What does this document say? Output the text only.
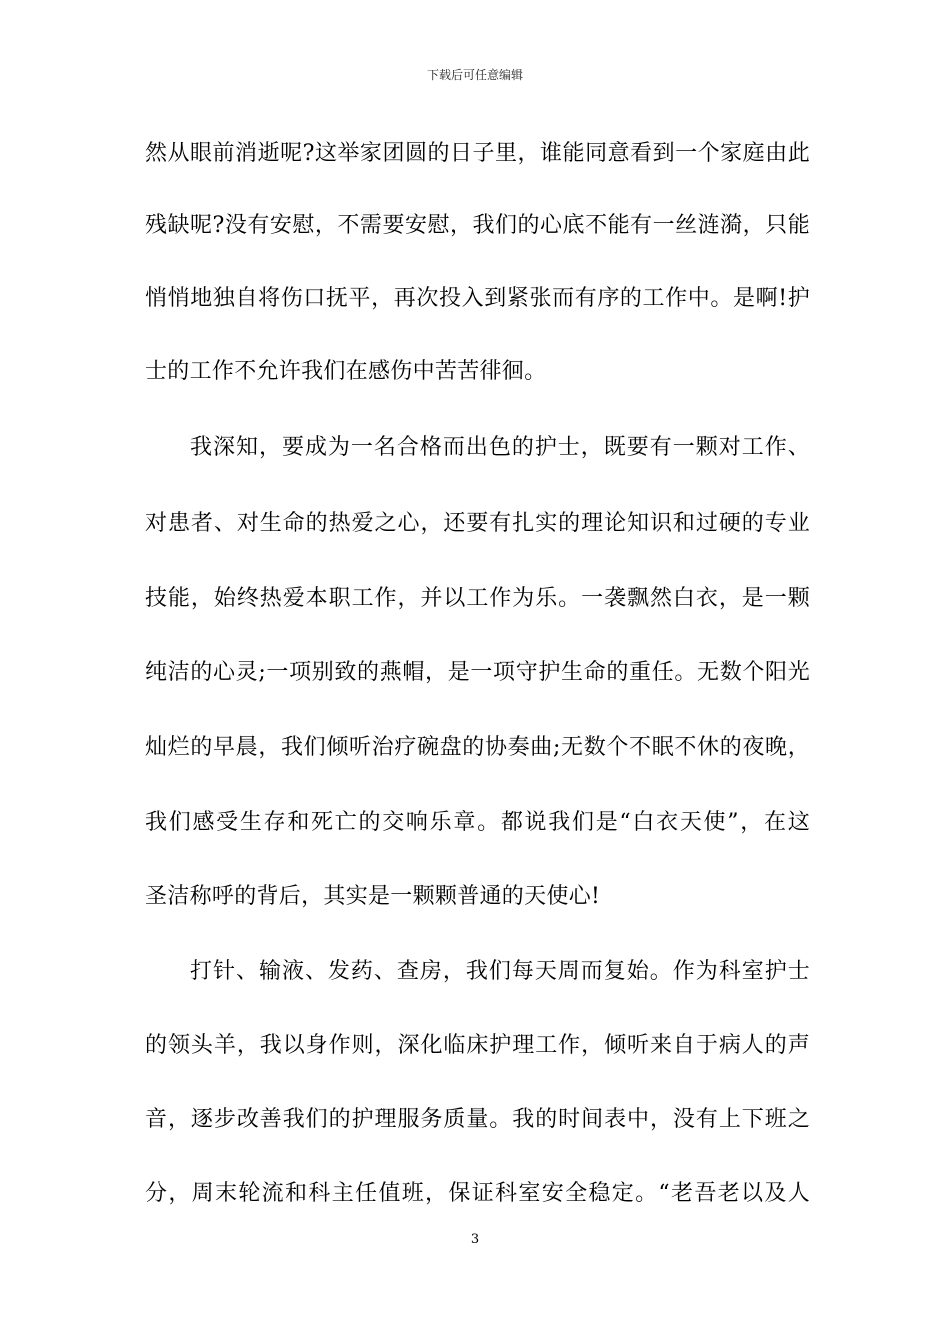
下载后可任意编辑
然从眼前消逝呢?这举家团圆的日子里，谁能同意看到一个家庭由此
残缺呢?没有安慰，不需要安慰，我们的心底不能有一丝涟漪，只能
悄悄地独自将伤口抚平，再次投入到紧张而有序的工作中。是啊!护
士的工作不允许我们在感伤中苦苦徘徊。
我深知，要成为一名合格而出色的护士，既要有一颗对工作、
对患者、对生命的热爱之心，还要有扎实的理论知识和过硬的专业
技能，始终热爱本职工作，并以工作为乐。一袭飘然白衣，是一颗
纯洁的心灵;一项别致的燕帽，是一项守护生命的重任。无数个阳光
灿烂的早晨，我们倾听治疗碗盘的协奏曲;无数个不眠不休的夜晚，
我们感受生存和死亡的交响乐章。都说我们是“白衣天使”，在这
圣洁称呼的背后，其实是一颗颗普通的天使心!
打针、输液、发药、查房，我们每天周而复始。作为科室护士
的领头羊，我以身作则，深化临床护理工作，倾听来自于病人的声
音，逐步改善我们的护理服务质量。我的时间表中，没有上下班之
分，周末轮流和科主任值班，保证科室安全稳定。“老吾老以及人
3
